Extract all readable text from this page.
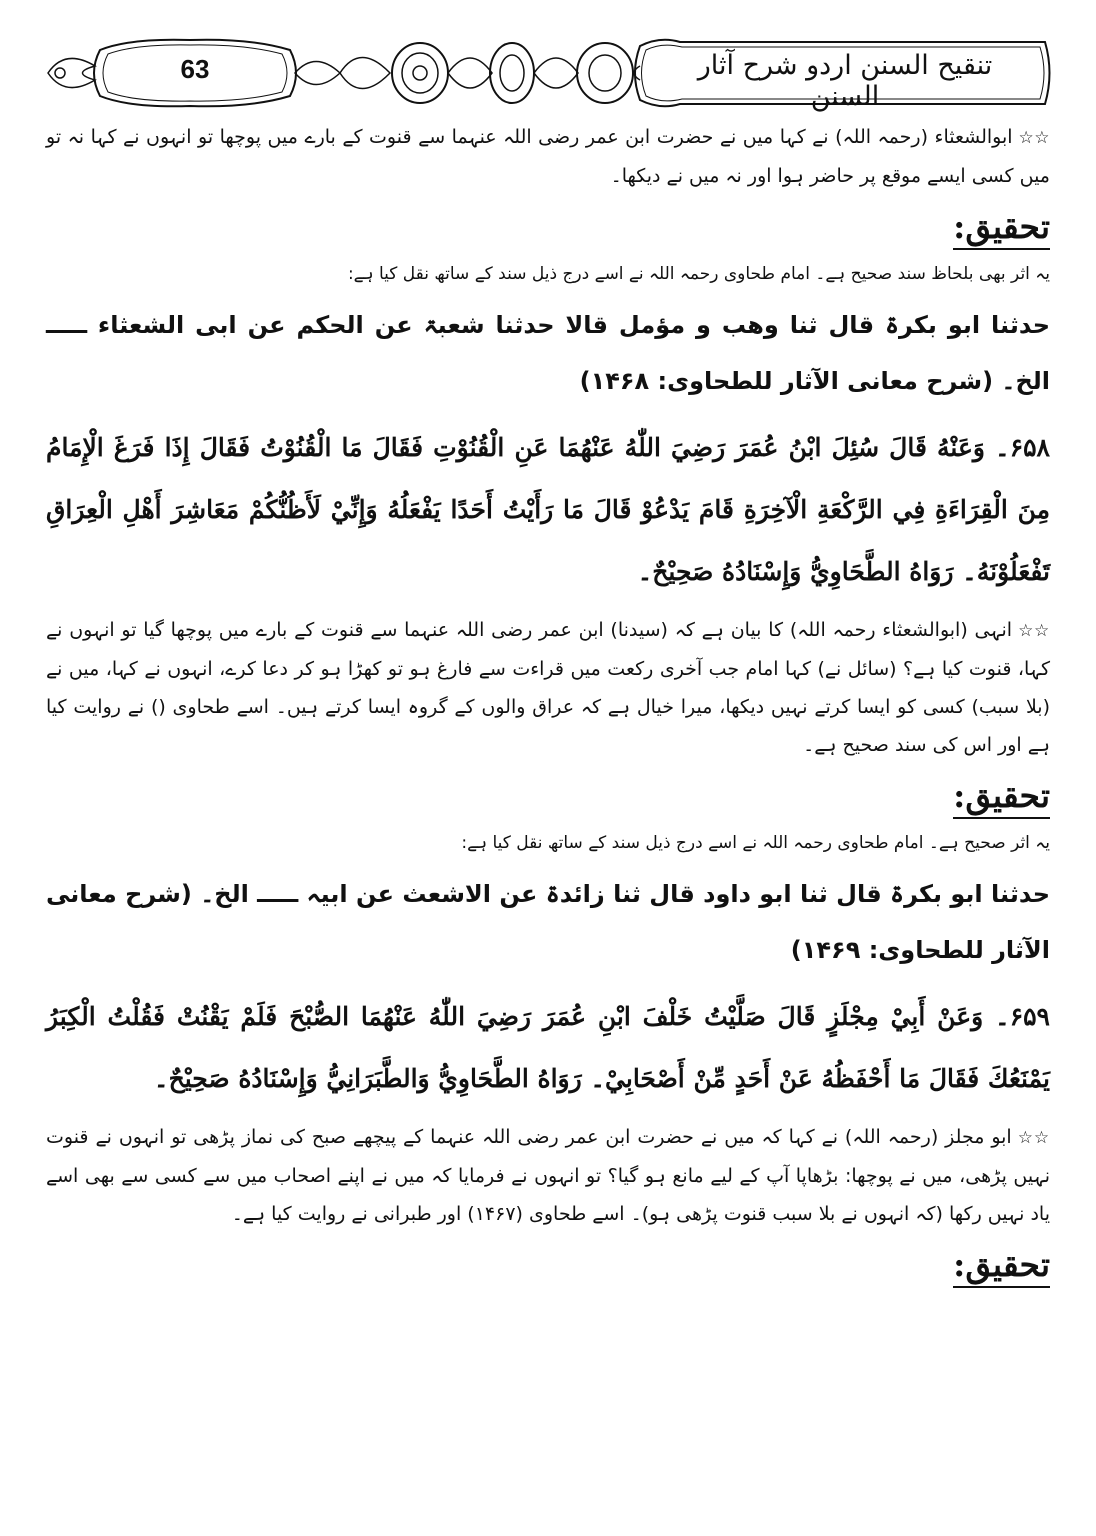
63	تنقیح السنن اردو شرح آثار السنن

☆☆ابوالشعثاء (رحمہ اللہ) نے کہا میں نے حضرت ابن عمر رضی اللہ عنہما سے قنوت کے بارے میں پوچھا تو انہوں نے کہا نہ تو میں کسی ایسے موقع پر حاضر ہوا اور نہ میں نے دیکھا۔

تحقیق:

یہ اثر بھی بلحاظ سند صحیح ہے۔ امام طحاوی رحمہ اللہ نے اسے درج ذیل سند کے ساتھ نقل کیا ہے:

حدثنا ابو بکرۃ قال ثنا وھب و مؤمل قالا حدثنا شعبۃ عن الحکم عن ابی الشعثاء ـــــ الخ۔ (شرح معانی الآثار للطحاوی: ۱۴۶۸)

۶۵۸۔ وَعَنْهُ قَالَ سُئِلَ ابْنُ عُمَرَ رَضِيَ اللّٰهُ عَنْهُمَا عَنِ الْقُنُوْتِ فَقَالَ مَا الْقُنُوْتُ فَقَالَ إِذَا فَرَغَ الْإِمَامُ مِنَ الْقِرَاءَةِ فِي الرَّكْعَةِ الْآخِرَةِ قَامَ يَدْعُوْ قَالَ مَا رَأَيْتُ أَحَدًا يَفْعَلُهُ وَإِنِّيْ لَأَظُنُّكُمْ مَعَاشِرَ أَهْلِ الْعِرَاقِ تَفْعَلُوْنَهُ۔ رَوَاهُ الطَّحَاوِيُّ وَإِسْنَادُهُ صَحِيْحٌ۔

☆☆انہی (ابوالشعثاء رحمہ اللہ) کا بیان ہے کہ (سیدنا) ابن عمر رضی اللہ عنہما سے قنوت کے بارے میں پوچھا گیا تو انہوں نے کہا، قنوت کیا ہے؟ (سائل نے) کہا امام جب آخری رکعت میں قراءت سے فارغ ہو تو کھڑا ہو کر دعا کرے، انہوں نے کہا، میں نے (بلا سبب) کسی کو ایسا کرتے نہیں دیکھا، میرا خیال ہے کہ عراق والوں کے گروہ ایسا کرتے ہیں۔ اسے طحاوی () نے روایت کیا ہے اور اس کی سند صحیح ہے۔

تحقیق:

یہ اثر صحیح ہے۔ امام طحاوی رحمہ اللہ نے اسے درج ذیل سند کے ساتھ نقل کیا ہے:

حدثنا ابو بکرۃ قال ثنا ابو داود قال ثنا زائدۃ عن الاشعث عن ابیہ ـــــ الخ۔ (شرح معانی الآثار للطحاوی: ۱۴۶۹)

۶۵۹۔ وَعَنْ أَبِيْ مِجْلَزٍ قَالَ صَلَّيْتُ خَلْفَ ابْنِ عُمَرَ رَضِيَ اللّٰهُ عَنْهُمَا الصُّبْحَ فَلَمْ يَقْنُتْ فَقُلْتُ الْكِبَرُ يَمْنَعُكَ فَقَالَ مَا أَحْفَظُهُ عَنْ أَحَدٍ مِّنْ أَصْحَابِيْ۔ رَوَاهُ الطَّحَاوِيُّ وَالطَّبَرَانِيُّ وَإِسْنَادُهُ صَحِيْحٌ۔

☆☆ابو مجلز (رحمہ اللہ) نے کہا کہ میں نے حضرت ابن عمر رضی اللہ عنہما کے پیچھے صبح کی نماز پڑھی تو انہوں نے قنوت نہیں پڑھی، میں نے پوچھا: بڑھاپا آپ کے لیے مانع ہو گیا؟ تو انہوں نے فرمایا کہ میں نے اپنے اصحاب میں سے کسی سے بھی اسے یاد نہیں رکھا (کہ انہوں نے بلا سبب قنوت پڑھی ہو)۔ اسے طحاوی (۱۴۶۷) اور طبرانی نے روایت کیا ہے۔

تحقیق:
